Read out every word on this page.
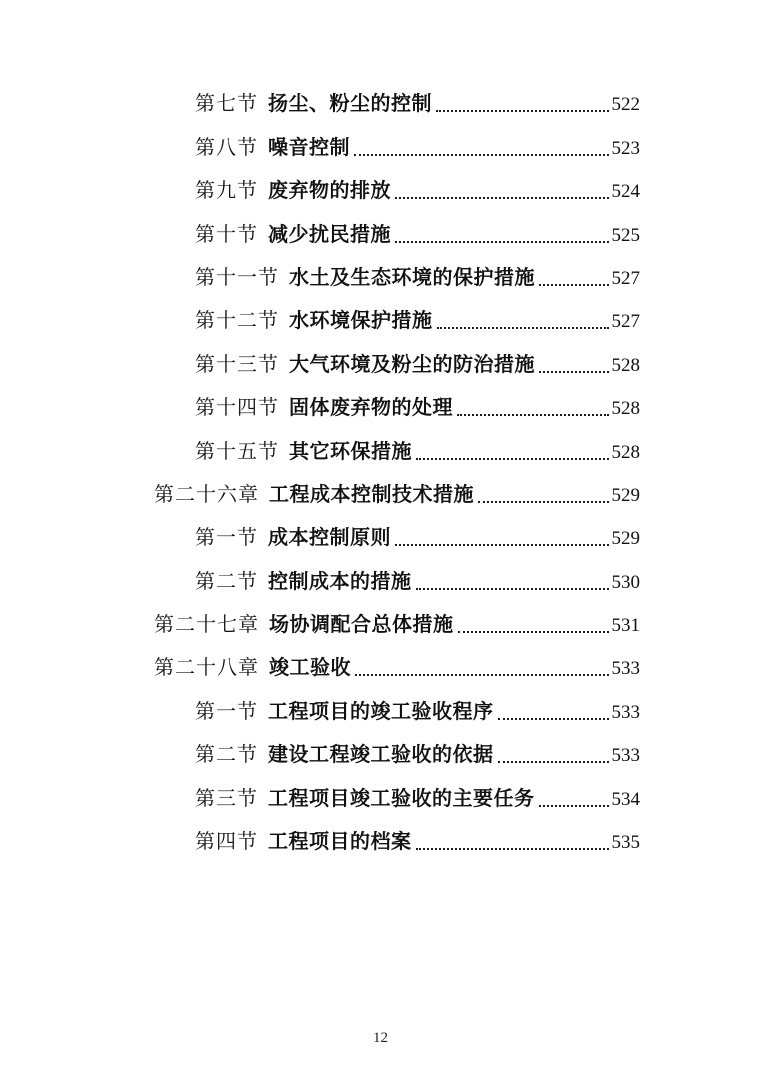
第七节 扬尘、粉尘的控制	522
第八节 噪音控制	523
第九节 废弃物的排放	524
第十节 减少扰民措施	525
第十一节 水土及生态环境的保护措施	527
第十二节 水环境保护措施	527
第十三节 大气环境及粉尘的防治措施	528
第十四节 固体废弃物的处理	528
第十五节 其它环保措施	528
第二十六章 工程成本控制技术措施	529
第一节 成本控制原则	529
第二节 控制成本的措施	530
第二十七章 场协调配合总体措施	531
第二十八章 竣工验收	533
第一节 工程项目的竣工验收程序	533
第二节 建设工程竣工验收的依据	533
第三节 工程项目竣工验收的主要任务	534
第四节 工程项目的档案	535
12
